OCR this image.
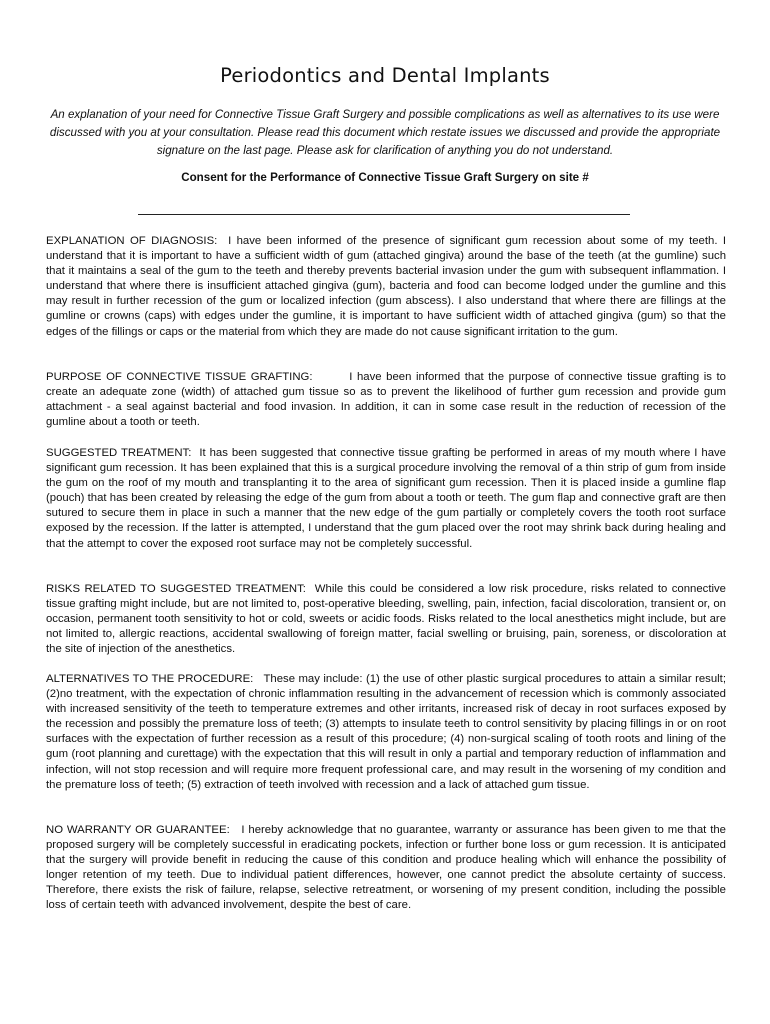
Periodontics and Dental Implants

An explanation of your need for Connective Tissue Graft Surgery and possible complications as well as alternatives to its use were discussed with you at your consultation. Please read this document which restate issues we discussed and provide the appropriate signature on the last page. Please ask for clarification of anything you do not understand.

Consent for the Performance of Connective Tissue Graft Surgery on site #

EXPLANATION OF DIAGNOSIS: I have been informed of the presence of significant gum recession about some of my teeth. I understand that it is important to have a sufficient width of gum (attached gingiva) around the base of the teeth (at the gumline) such that it maintains a seal of the gum to the teeth and thereby prevents bacterial invasion under the gum with subsequent inflammation. I understand that where there is insufficient attached gingiva (gum), bacteria and food can become lodged under the gumline and this may result in further recession of the gum or localized infection (gum abscess). I also understand that where there are fillings at the gumline or crowns (caps) with edges under the gumline, it is important to have sufficient width of attached gingiva (gum) so that the edges of the fillings or caps or the material from which they are made do not cause significant irritation to the gum.

PURPOSE OF CONNECTIVE TISSUE GRAFTING:	I have been informed that the purpose of connective tissue grafting is to create an adequate zone (width) of attached gum tissue so as to prevent the likelihood of further gum recession and provide gum attachment - a seal against bacterial and food invasion. In addition, it can in some case result in the reduction of recession of the gumline about a tooth or teeth.

SUGGESTED TREATMENT: It has been suggested that connective tissue grafting be performed in areas of my mouth where I have significant gum recession. It has been explained that this is a surgical procedure involving the removal of a thin strip of gum from inside the gum on the roof of my mouth and transplanting it to the area of significant gum recession. Then it is placed inside a gumline flap (pouch) that has been created by releasing the edge of the gum from about a tooth or teeth. The gum flap and connective graft are then sutured to secure them in place in such a manner that the new edge of the gum partially or completely covers the tooth root surface exposed by the recession. If the latter is attempted, I understand that the gum placed over the root may shrink back during healing and that the attempt to cover the exposed root surface may not be completely successful.

RISKS RELATED TO SUGGESTED TREATMENT: While this could be considered a low risk procedure, risks related to connective tissue grafting might include, but are not limited to, post-operative bleeding, swelling, pain, infection, facial discoloration, transient or, on occasion, permanent tooth sensitivity to hot or cold, sweets or acidic foods. Risks related to the local anesthetics might include, but are not limited to, allergic reactions, accidental swallowing of foreign matter, facial swelling or bruising, pain, soreness, or discoloration at the site of injection of the anesthetics.

ALTERNATIVES TO THE PROCEDURE: These may include: (1) the use of other plastic surgical procedures to attain a similar result; (2)no treatment, with the expectation of chronic inflammation resulting in the advancement of recession which is commonly associated with increased sensitivity of the teeth to temperature extremes and other irritants, increased risk of decay in root surfaces exposed by the recession and possibly the premature loss of teeth; (3) attempts to insulate teeth to control sensitivity by placing fillings in or on root surfaces with the expectation of further recession as a result of this procedure; (4) non-surgical scaling of tooth roots and lining of the gum (root planning and curettage) with the expectation that this will result in only a partial and temporary reduction of inflammation and infection, will not stop recession and will require more frequent professional care, and may result in the worsening of my condition and the premature loss of teeth; (5) extraction of teeth involved with recession and a lack of attached gum tissue.

NO WARRANTY OR GUARANTEE: I hereby acknowledge that no guarantee, warranty or assurance has been given to me that the proposed surgery will be completely successful in eradicating pockets, infection or further bone loss or gum recession. It is anticipated that the surgery will provide benefit in reducing the cause of this condition and produce healing which will enhance the possibility of longer retention of my teeth. Due to individual patient differences, however, one cannot predict the absolute certainty of success. Therefore, there exists the risk of failure, relapse, selective retreatment, or worsening of my present condition, including the possible loss of certain teeth with advanced involvement, despite the best of care.
